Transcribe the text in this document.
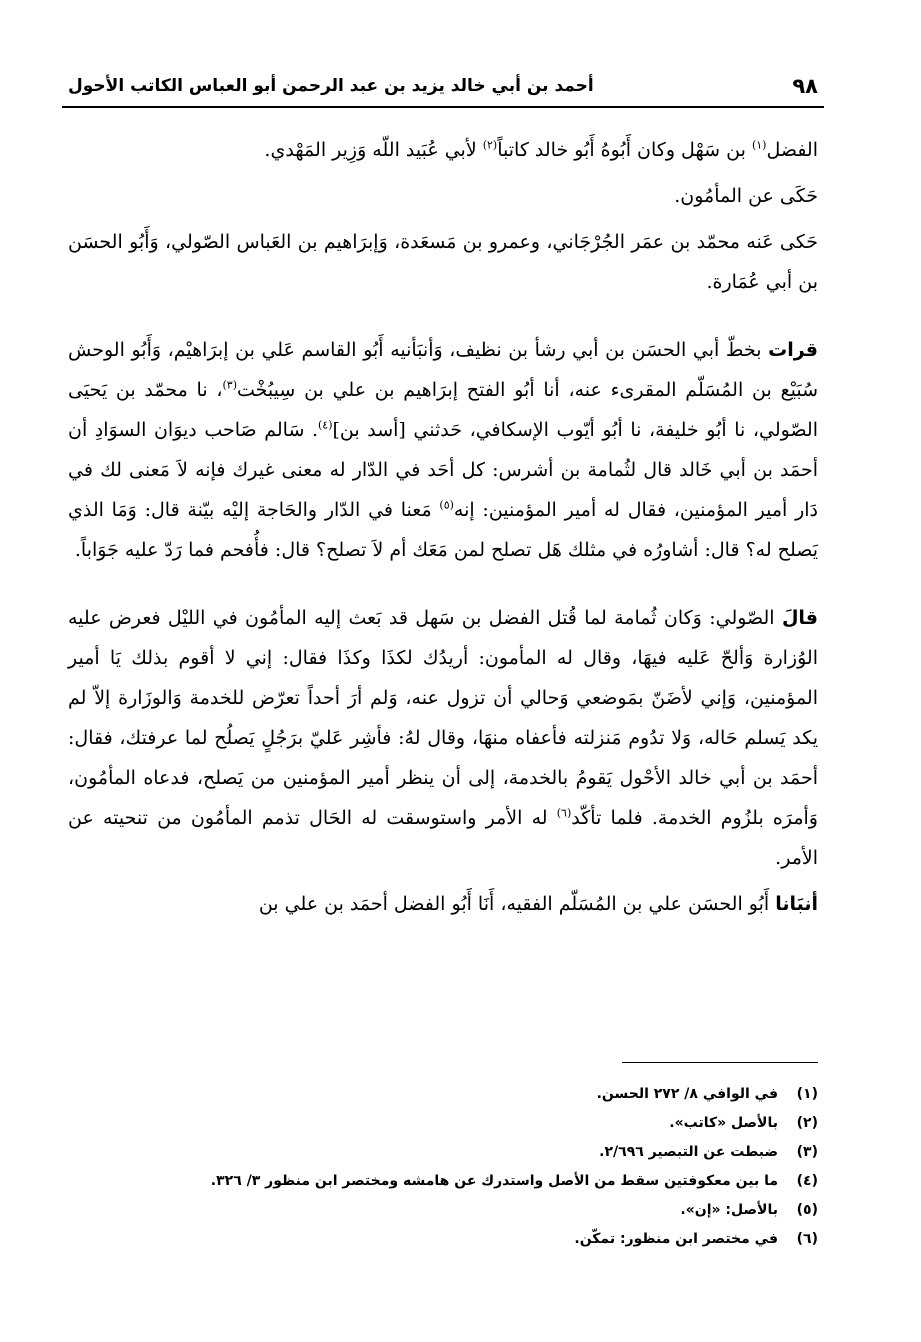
٩٨
أحمد بن أبي خالد يزيد بن عبد الرحمن أبو العباس الكاتب الأحول

الفضل$^{(١)}$ بن سَهْل وكان أَبُوهُ أَبُو خالد كاتباً$^{(٢)}$ لأبي عُبَيد اللّه وَزِير المَهْدي.

حَكَى عن المأمُون.

حَكى عَنه محمّد بن عمَر الجُرْجَاني، وعمرو بن مَسعَدة، وَإبرَاهيم بن العَباس الصّولي، وَأَبُو الحسَن بن أبي عُمَارة.

قرات بخطّ أبي الحسَن بن أبي رشأ بن نظيف، وَأنبَأنيه أَبُو القاسم عَلي بن إبرَاهيْم، وَأَبُو الوحش سُبَيْع بن المُسَلّم المقرىء عنه، أنا أبُو الفتح إبرَاهيم بن علي بن سِيبُخْت$^{(٣)}$، نا محمّد بن يَحيَى الصّولي، نا أبُو خليفة، نا أبُو أيّوب الإسكافي، حَدثني [أسد بن]$^{(٤)}$. سَالم صَاحب ديوَان السوَادِ أن أحمَد بن أبي خَالد قال لثُمامة بن أشرس: كل أحَد في الدّار له معنى غيرك فإنه لاَ مَعنى لك في دَار أمير المؤمنين، فقال له أمير المؤمنين: إنه$^{(٥)}$ مَعنا في الدّار والحَاجة إليْه بيّنة قال: وَمَا الذي يَصلح له؟ قال: أشاورُه في مثلك هَل تصلح لمن مَعَك أم لاَ تصلح؟ قال: فأُفحم فما رَدّ عليه جَوَاباً.

قالَ الصّولي: وَكان ثُمامة لما قُتل الفضل بن سَهل قد بَعث إليه المأمُون في الليْل فعرض عليه الوُزارة وَألحّ عَليه فيهَا، وقال له المأمون: أريدُك لكذَا وكذَا فقال: إني لا أقوم بذلك يَا أمير المؤمنين، وَإني لأضَنّ بمَوضعي وَحالي أن تزول عنه، وَلم أرَ أحداً تعرّض للخدمة وَالوزَارة إلاّ لم يكد يَسلم حَاله، وَلا تدُوم مَنزلته فأعفاه منهَا، وقال لهُ: فأشِر عَليّ برَجُلٍ يَصلُح لما عرفتك، فقال: أحمَد بن أبي خالد الأحْول يَقومُ بالخدمة، إلى أن ينظر أمير المؤمنين من يَصلح، فدعاه المأمُون، وَأمرَه بلزُوم الخدمة. فلما تأكّد$^{(٦)}$ له الأمر واستوسقت له الحَال تذمم المأمُون من تنحيته عن الأمر.

أنبَانا أَبُو الحسَن علي بن المُسَلّم الفقيه، أَنَا أَبُو الفضل أحمَد بن علي بن

(١)
في الوافي ٨/ ٢٧٢ الحسن.
(٢)
بالأصل «كاتب».
(٣)
ضبطت عن التبصير ٢/٦٩٦.
(٤)
ما بين معكوفتين سقط من الأصل واستدرك عن هامشه ومختصر ابن منظور ٣/ ٣٢٦.
(٥)
بالأصل: «إن».
(٦)
في مختصر ابن منظور: تمكّن.
